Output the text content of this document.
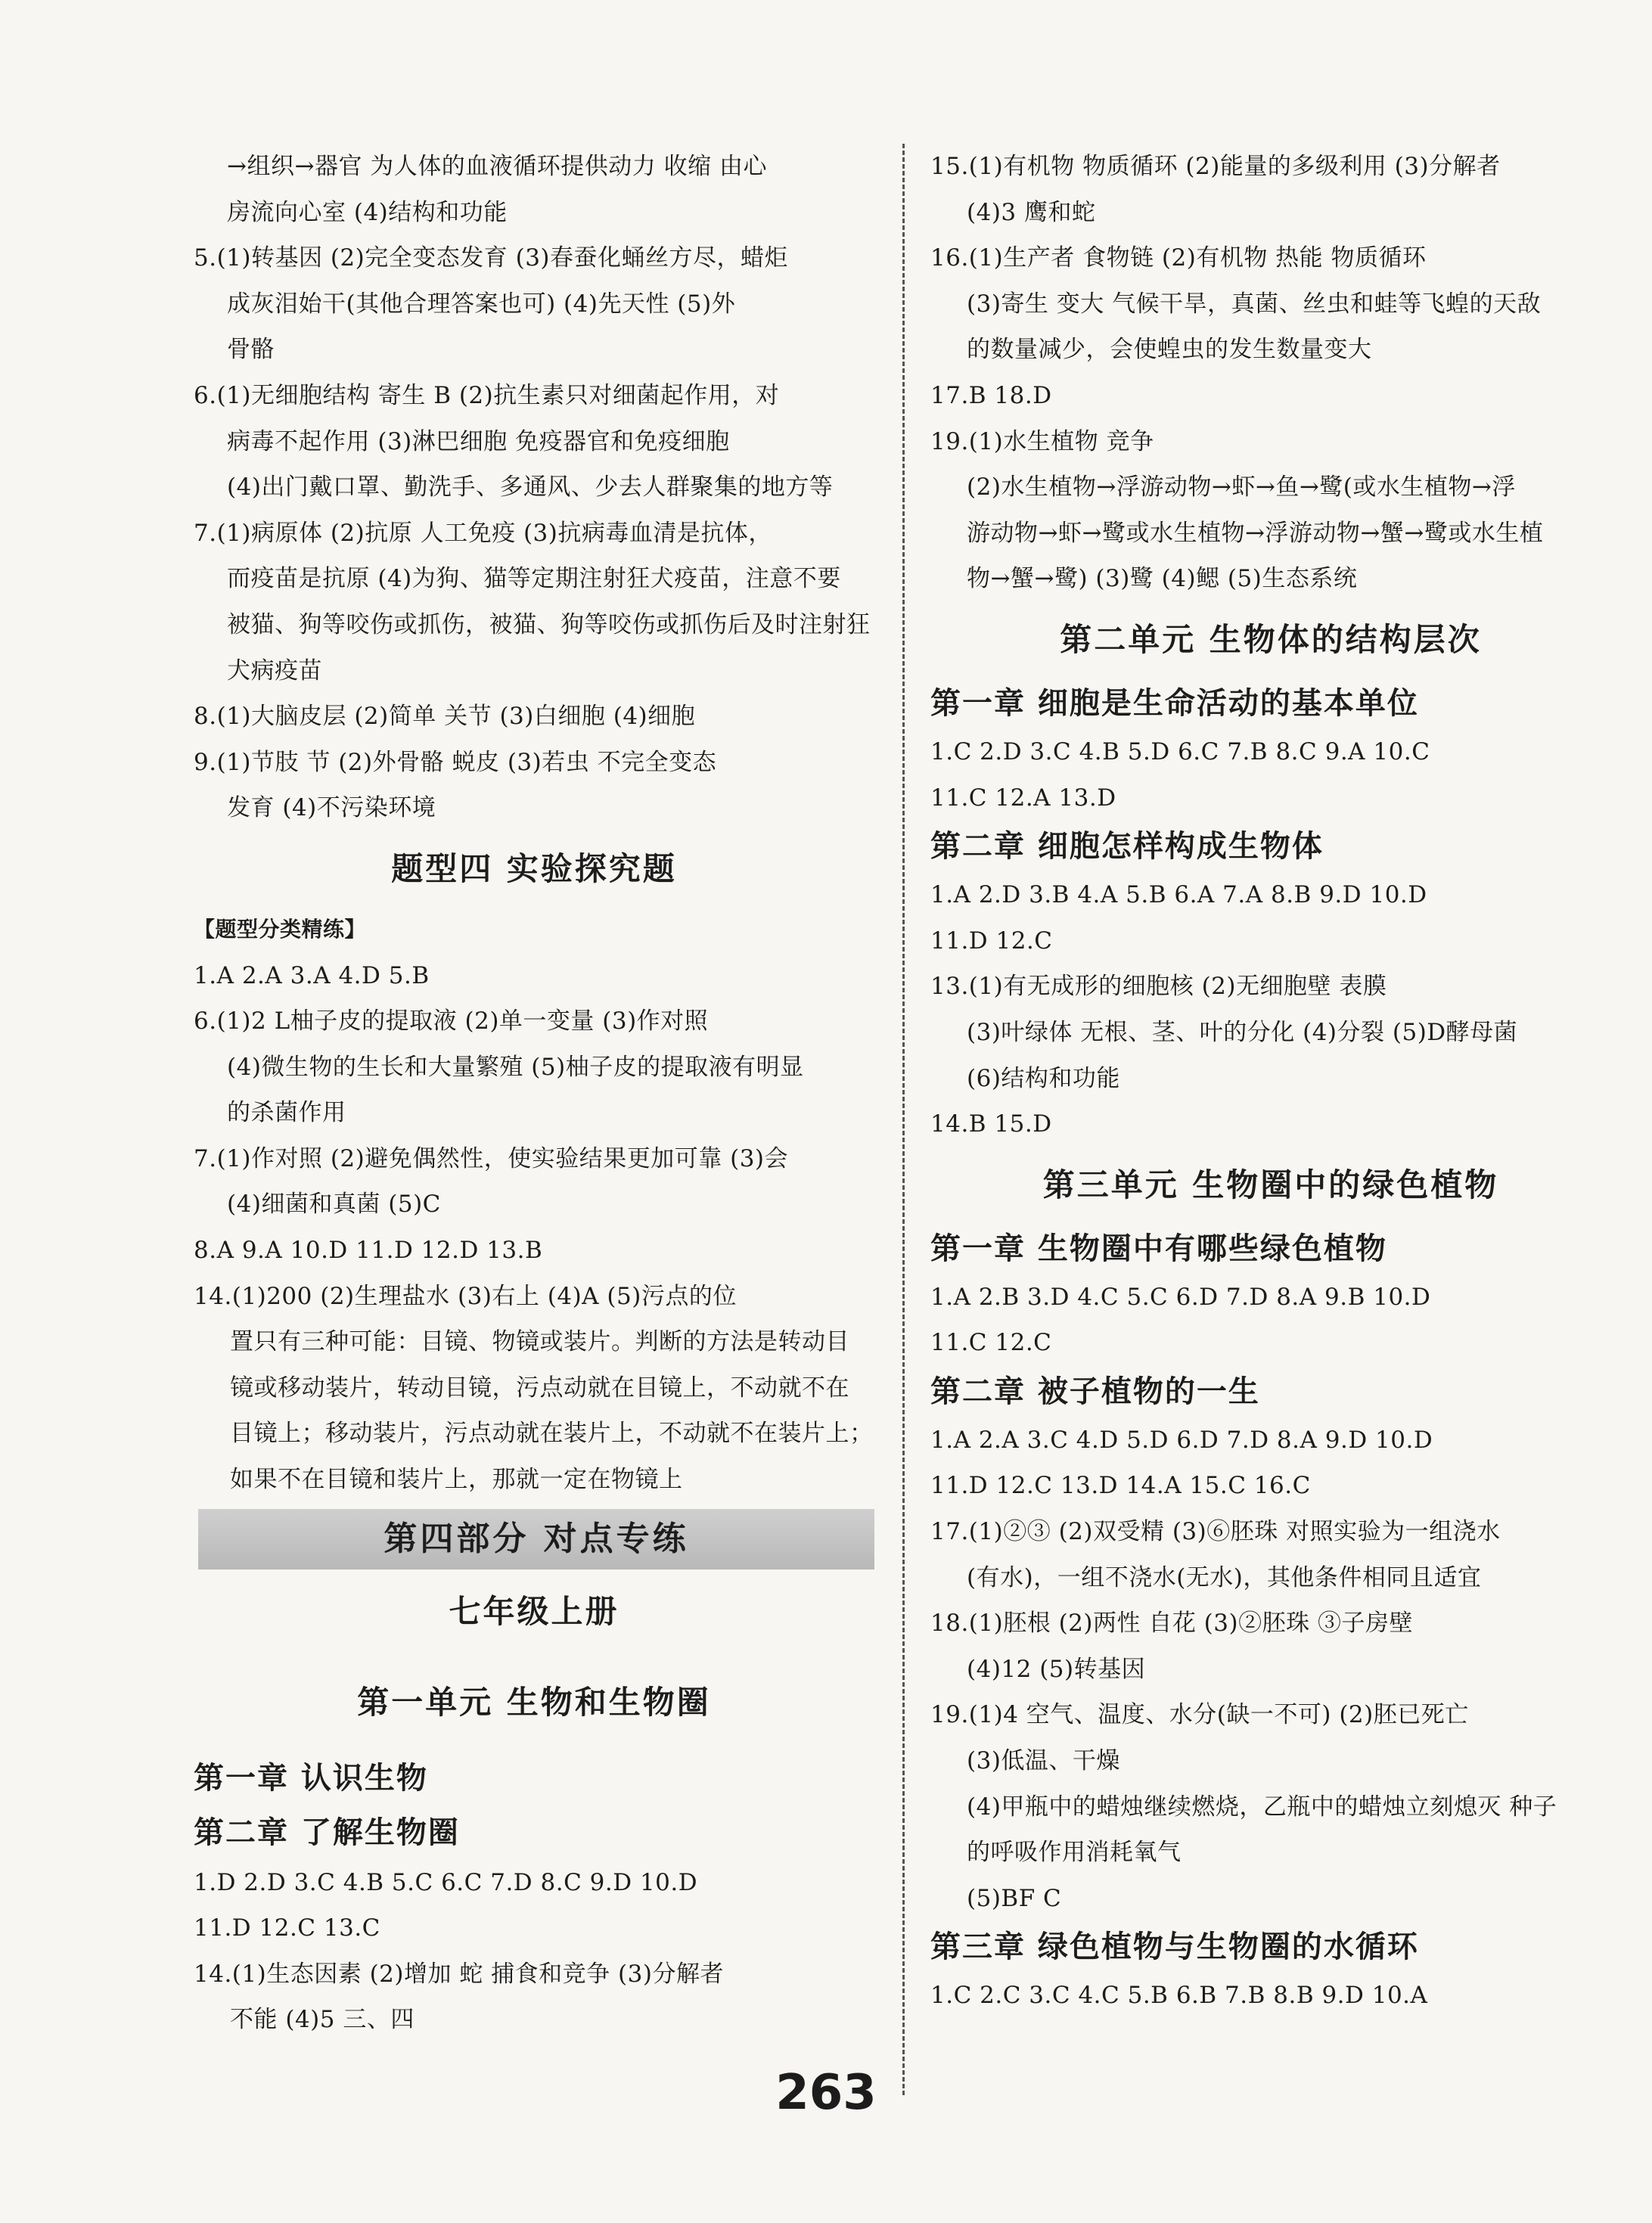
→组织→器官 为人体的血液循环提供动力 收缩 由心
房流向心室 (4)结构和功能
5.(1)转基因 (2)完全变态发育 (3)春蚕化蛹丝方尽，蜡炬
成灰泪始干(其他合理答案也可) (4)先天性 (5)外
骨骼
6.(1)无细胞结构 寄生 B (2)抗生素只对细菌起作用，对
病毒不起作用 (3)淋巴细胞 免疫器官和免疫细胞
(4)出门戴口罩、勤洗手、多通风、少去人群聚集的地方等
7.(1)病原体 (2)抗原 人工免疫 (3)抗病毒血清是抗体，
而疫苗是抗原 (4)为狗、猫等定期注射狂犬疫苗，注意不要
被猫、狗等咬伤或抓伤，被猫、狗等咬伤或抓伤后及时注射狂
犬病疫苗
8.(1)大脑皮层 (2)简单 关节 (3)白细胞 (4)细胞
9.(1)节肢 节 (2)外骨骼 蜕皮 (3)若虫 不完全变态
发育 (4)不污染环境
题型四 实验探究题
【题型分类精练】
1.A 2.A 3.A 4.D 5.B
6.(1)2 L柚子皮的提取液 (2)单一变量 (3)作对照
(4)微生物的生长和大量繁殖 (5)柚子皮的提取液有明显
的杀菌作用
7.(1)作对照 (2)避免偶然性，使实验结果更加可靠 (3)会
(4)细菌和真菌 (5)C
8.A 9.A 10.D 11.D 12.D 13.B
14.(1)200 (2)生理盐水 (3)右上 (4)A (5)污点的位
置只有三种可能：目镜、物镜或装片。判断的方法是转动目
镜或移动装片，转动目镜，污点动就在目镜上，不动就不在
目镜上；移动装片，污点动就在装片上，不动就不在装片上；
如果不在目镜和装片上，那就一定在物镜上
第四部分 对点专练
七年级上册
第一单元 生物和生物圈
第一章 认识生物
第二章 了解生物圈
1.D 2.D 3.C 4.B 5.C 6.C 7.D 8.C 9.D 10.D
11.D 12.C 13.C
14.(1)生态因素 (2)增加 蛇 捕食和竞争 (3)分解者
不能 (4)5 三、四
15.(1)有机物 物质循环 (2)能量的多级利用 (3)分解者
(4)3 鹰和蛇
16.(1)生产者 食物链 (2)有机物 热能 物质循环
(3)寄生 变大 气候干旱，真菌、丝虫和蛙等飞蝗的天敌
的数量减少，会使蝗虫的发生数量变大
17.B 18.D
19.(1)水生植物 竞争
(2)水生植物→浮游动物→虾→鱼→鹭(或水生植物→浮
游动物→虾→鹭或水生植物→浮游动物→蟹→鹭或水生植
物→蟹→鹭) (3)鹭 (4)鳃 (5)生态系统
第二单元 生物体的结构层次
第一章 细胞是生命活动的基本单位
1.C 2.D 3.C 4.B 5.D 6.C 7.B 8.C 9.A 10.C
11.C 12.A 13.D
第二章 细胞怎样构成生物体
1.A 2.D 3.B 4.A 5.B 6.A 7.A 8.B 9.D 10.D
11.D 12.C
13.(1)有无成形的细胞核 (2)无细胞壁 表膜
(3)叶绿体 无根、茎、叶的分化 (4)分裂 (5)D酵母菌
(6)结构和功能
14.B 15.D
第三单元 生物圈中的绿色植物
第一章 生物圈中有哪些绿色植物
1.A 2.B 3.D 4.C 5.C 6.D 7.D 8.A 9.B 10.D
11.C 12.C
第二章 被子植物的一生
1.A 2.A 3.C 4.D 5.D 6.D 7.D 8.A 9.D 10.D
11.D 12.C 13.D 14.A 15.C 16.C
17.(1)②③ (2)双受精 (3)⑥胚珠 对照实验为一组浇水
(有水)，一组不浇水(无水)，其他条件相同且适宜
18.(1)胚根 (2)两性 自花 (3)②胚珠 ③子房壁
(4)12 (5)转基因
19.(1)4 空气、温度、水分(缺一不可) (2)胚已死亡
(3)低温、干燥
(4)甲瓶中的蜡烛继续燃烧，乙瓶中的蜡烛立刻熄灭 种子
的呼吸作用消耗氧气
(5)BF C
第三章 绿色植物与生物圈的水循环
1.C 2.C 3.C 4.C 5.B 6.B 7.B 8.B 9.D 10.A
263
